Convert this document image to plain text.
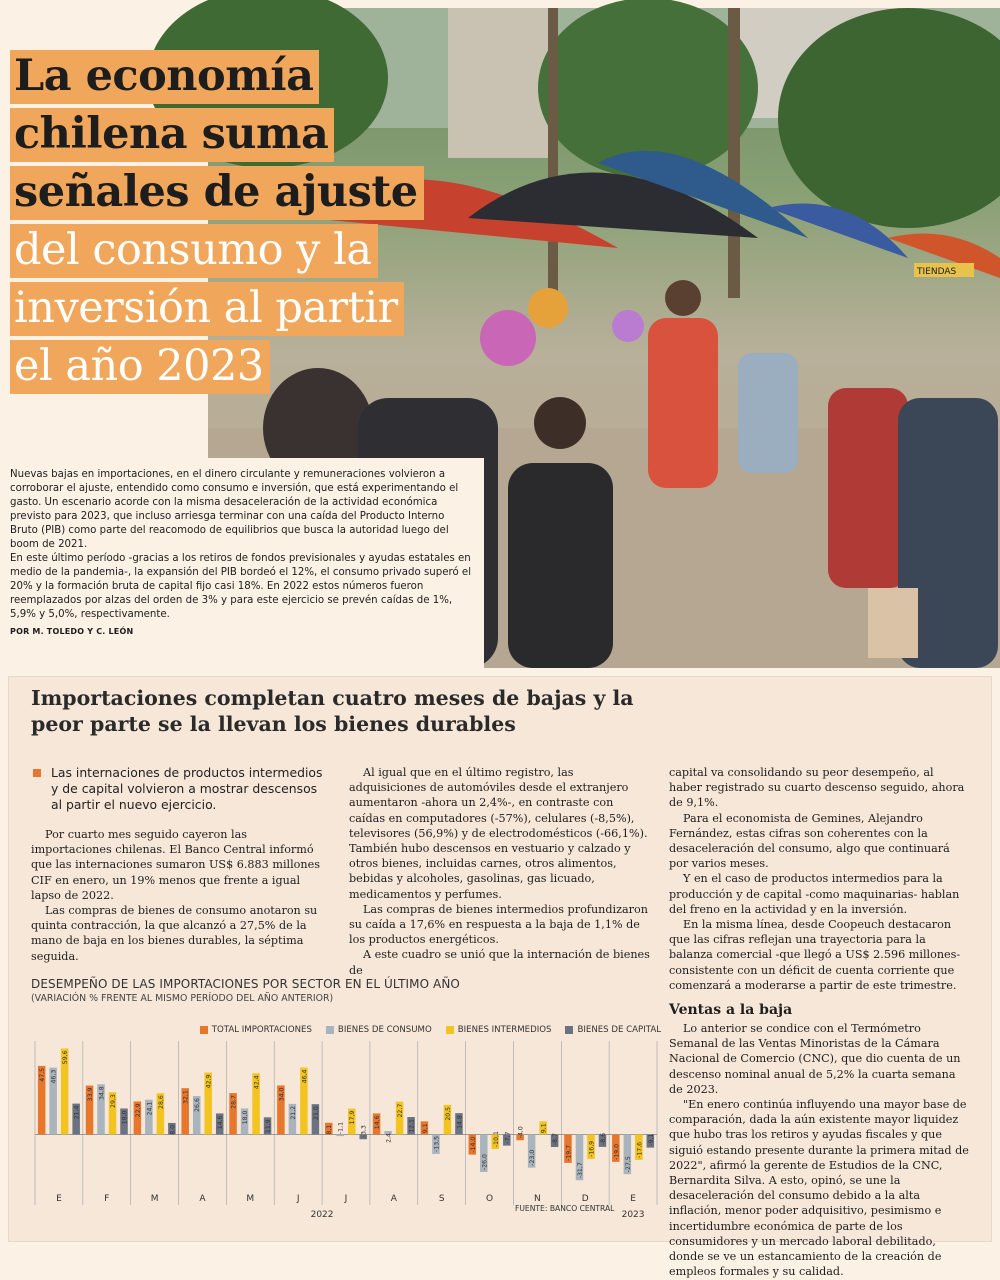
TIENDAS
La economía
chilena suma
señales de ajuste
del consumo y la
inversión al partir
el año 2023

Nuevas bajas en importaciones, en el dinero circulante y remuneraciones volvieron a corroborar el ajuste, entendido como consumo e inversión, que está experimentando el gasto. Un escenario acorde con la misma desaceleración de la actividad económica previsto para 2023, que incluso arriesga terminar con una caída del Producto Interno Bruto (PIB) como parte del reacomodo de equilibrios que busca la autoridad luego del boom de 2021.

En este último período -gracias a los retiros de fondos previsionales y ayudas estatales en medio de la pandemia-, la expansión del PIB bordeó el 12%, el consumo privado superó el 20% y la formación bruta de capital fijo casi 18%. En 2022 estos números fueron reemplazados por alzas del orden de 3% y para este ejercicio se prevén caídas de 1%, 5,9% y 5,0%, respectivamente.

POR M. TOLEDO Y C. LEÓN
Importaciones completan cuatro meses de bajas y la peor parte se la llevan los bienes durables
Las internaciones de productos intermedios y de capital volvieron a mostrar descensos al partir el nuevo ejercicio.

Por cuarto mes seguido cayeron las importaciones chilenas. El Banco Central informó que las internaciones sumaron US$ 6.883 millones CIF en enero, un 19% menos que frente a igual lapso de 2022.

Las compras de bienes de consumo anotaron su quinta contracción, la que alcanzó a 27,5% de la mano de baja en los bienes durables, la séptima seguida.

Al igual que en el último registro, las adquisiciones de automóviles desde el extranjero aumentaron -ahora un 2,4%-, en contraste con caídas en computadores (-57%), celulares (-8,5%), televisores (56,9%) y de electrodomésticos (-66,1%). También hubo descensos en vestuario y calzado y otros bienes, incluidas carnes, otros alimentos, bebidas y alcoholes, gasolinas, gas licuado, medicamentos y perfumes.

Las compras de bienes intermedios profundizaron su caída a 17,6% en respuesta a la baja de 1,1% de los productos energéticos.

A este cuadro se unió que la internación de bienes de

capital va consolidando su peor desempeño, al haber registrado su cuarto descenso seguido, ahora de 9,1%.

Para el economista de Gemines, Alejandro Fernández, estas cifras son coherentes con la desaceleración del consumo, algo que continuará por varios meses.

Y en el caso de productos intermedios para la producción y de capital -como maquinarias- hablan del freno en la actividad y en la inversión.

En la misma línea, desde Coopeuch destacaron que las cifras reflejan una trayectoria para la balanza comercial -que llegó a US$ 2.596 millones- consistente con un déficit de cuenta corriente que comenzará a moderarse a partir de este trimestre.

Ventas a la baja

Lo anterior se condice con el Termómetro Semanal de las Ventas Minoristas de la Cámara Nacional de Comercio (CNC), que dio cuenta de un descenso nominal anual de 5,2% la cuarta semana de 2023.

"En enero continúa influyendo una mayor base de comparación, dada la aún existente mayor liquidez que hubo tras los retiros y ayudas fiscales y que siguió estando presente durante la primera mitad de 2022", afirmó la gerente de Estudios de la CNC, Bernardita Silva. A esto, opinó, se une la desaceleración del consumo debido a la alta inflación, menor poder adquisitivo, pesimismo e incertidumbre económica de parte de los consumidores y un mercado laboral debilitado, donde se ve un estancamiento de la creación de empleos formales y su calidad.

DESEMPEÑO DE LAS IMPORTACIONES POR SECTOR EN EL ÚLTIMO AÑO
(VARIACIÓN % FRENTE AL MISMO PERÍODO DEL AÑO ANTERIOR)
TOTAL IMPORTACIONES	BIENES DE CONSUMO	BIENES INTERMEDIOS	BIENES DE CAPITAL
47,5
33,9
22,9
32,1	28,7
34,0
8,1
14,6	9,1
-14,0
-4,0
-19,7	-19,0
46,3
34,8
24,1	26,6
18,0	21,2
-1,1
2,4	-13,5
-26,0	-23,0
-31,7	-27,5
59,6
29,3	28,6
42,9	42,4	46,4
17,9
22,7	20,5
-10,1
9,1
-16,9	-17,6
21,4	18,0
8,0
14,6	11,9
21,0
-3,3	12,1	14,8
-7,7	-8,7	-8,6	-9,1
E	F	M	A	M	J	J	A	S	O	N	D	E
2022	2023
FUENTE: BANCO CENTRAL
